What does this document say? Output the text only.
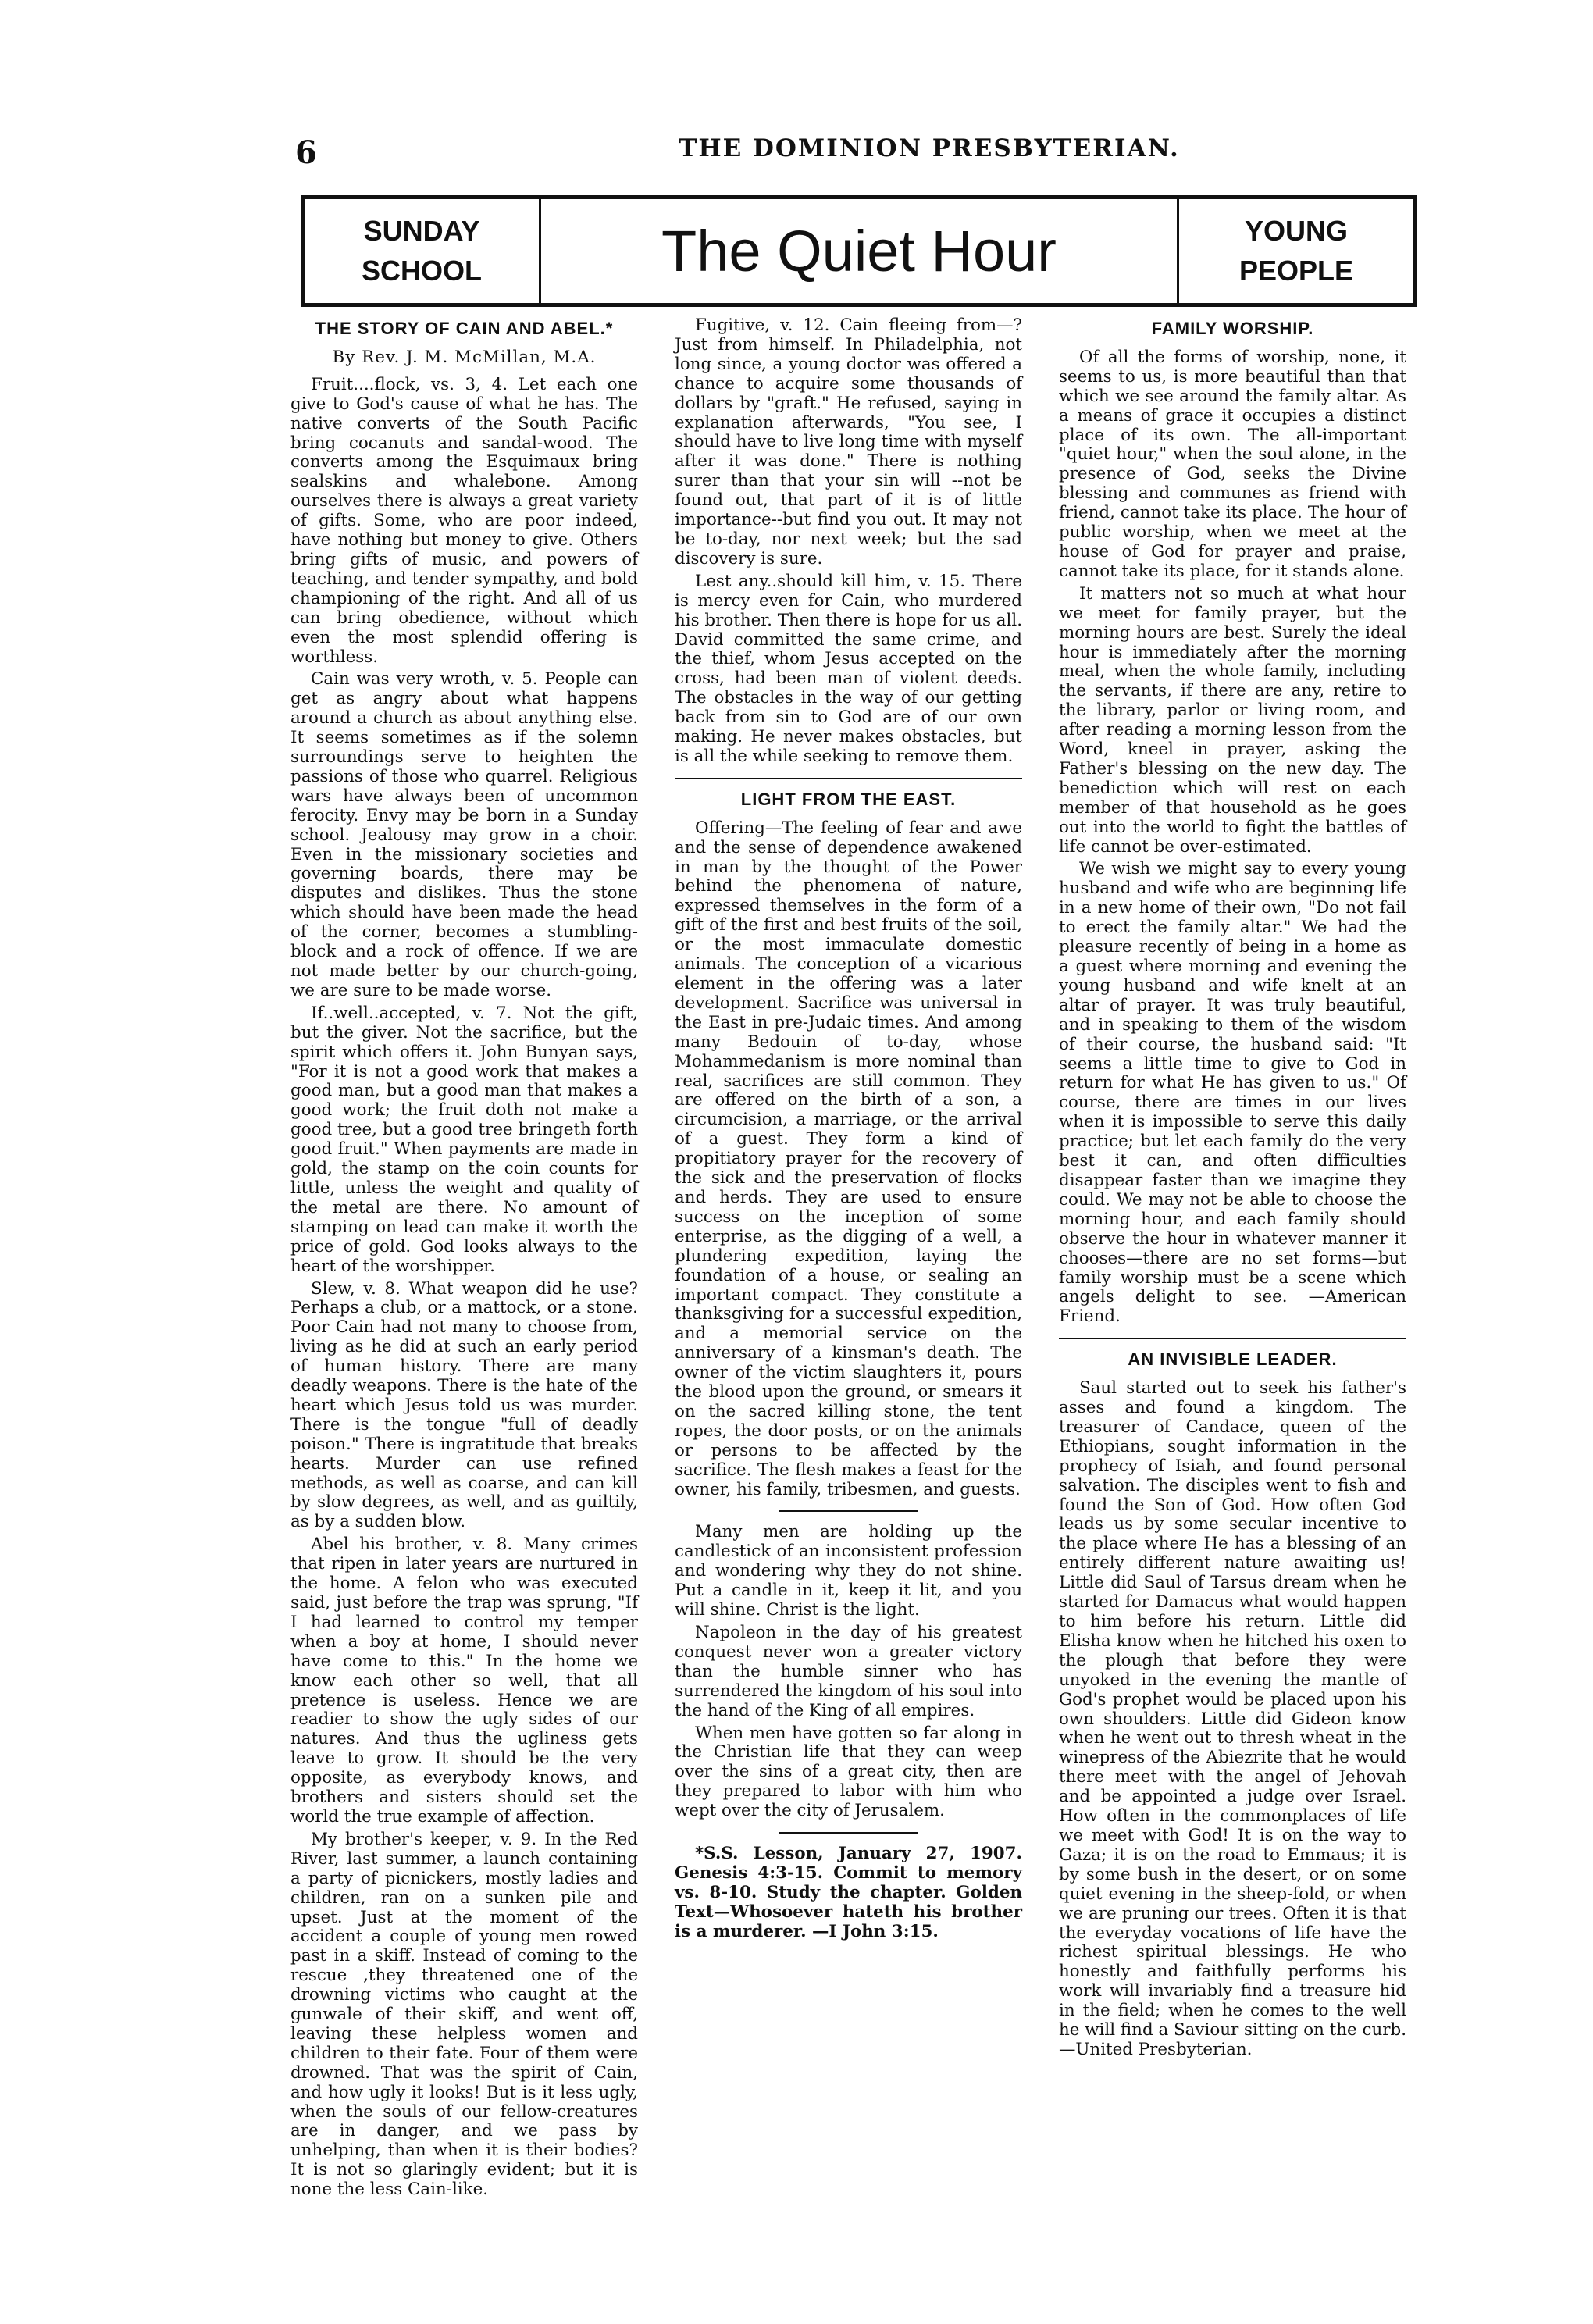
6	THE DOMINION PRESBYTERIAN.
SUNDAY
SCHOOL	The Quiet Hour	YOUNG
PEOPLE
THE STORY OF CAIN AND ABEL.*
By Rev. J. M. McMillan, M.A.

Fruit....flock, vs. 3, 4. Let each one give to God's cause of what he has. The native converts of the South Pacific bring cocanuts and sandal-wood. The converts among the Esquimaux bring sealskins and whalebone. Among ourselves there is always a great variety of gifts. Some, who are poor indeed, have nothing but money to give. Others bring gifts of music, and powers of teaching, and tender sympathy, and bold championing of the right. And all of us can bring obedience, without which even the most splendid offering is worthless.

Cain was very wroth, v. 5. People can get as angry about what happens around a church as about anything else. It seems sometimes as if the solemn surroundings serve to heighten the passions of those who quarrel. Religious wars have always been of uncommon ferocity. Envy may be born in a Sunday school. Jealousy may grow in a choir. Even in the missionary societies and governing boards, there may be disputes and dislikes. Thus the stone which should have been made the head of the corner, becomes a stumbling-block and a rock of offence. If we are not made better by our church-going, we are sure to be made worse.

If..well..accepted, v. 7. Not the gift, but the giver. Not the sacrifice, but the spirit which offers it. John Bunyan says, "For it is not a good work that makes a good man, but a good man that makes a good work; the fruit doth not make a good tree, but a good tree bringeth forth good fruit." When payments are made in gold, the stamp on the coin counts for little, unless the weight and quality of the metal are there. No amount of stamping on lead can make it worth the price of gold. God looks always to the heart of the worshipper.

Slew, v. 8. What weapon did he use? Perhaps a club, or a mattock, or a stone. Poor Cain had not many to choose from, living as he did at such an early period of human history. There are many deadly weapons. There is the hate of the heart which Jesus told us was murder. There is the tongue "full of deadly poison." There is ingratitude that breaks hearts. Murder can use refined methods, as well as coarse, and can kill by slow degrees, as well, and as guiltily, as by a sudden blow.

Abel his brother, v. 8. Many crimes that ripen in later years are nurtured in the home. A felon who was executed said, just before the trap was sprung, "If I had learned to control my temper when a boy at home, I should never have come to this." In the home we know each other so well, that all pretence is useless. Hence we are readier to show the ugly sides of our natures. And thus the ugliness gets leave to grow. It should be the very opposite, as everybody knows, and brothers and sisters should set the world the true example of affection.

My brother's keeper, v. 9. In the Red River, last summer, a launch containing a party of picnickers, mostly ladies and children, ran on a sunken pile and upset. Just at the moment of the accident a couple of young men rowed past in a skiff. Instead of coming to the rescue ,they threatened one of the drowning victims who caught at the gunwale of their skiff, and went off, leaving these helpless women and children to their fate. Four of them were drowned. That was the spirit of Cain, and how ugly it looks! But is it less ugly, when the souls of our fellow-creatures are in danger, and we pass by unhelping, than when it is their bodies? It is not so glaringly evident; but it is none the less Cain-like.

Fugitive, v. 12. Cain fleeing from—? Just from himself. In Philadelphia, not long since, a young doctor was offered a chance to acquire some thousands of dollars by "graft." He refused, saying in explanation afterwards, "You see, I should have to live long time with myself after it was done." There is nothing surer than that your sin will --not be found out, that part of it is of little importance--but find you out. It may not be to-day, nor next week; but the sad discovery is sure.

Lest any..should kill him, v. 15. There is mercy even for Cain, who murdered his brother. Then there is hope for us all. David committed the same crime, and the thief, whom Jesus accepted on the cross, had been man of violent deeds. The obstacles in the way of our getting back from sin to God are of our own making. He never makes obstacles, but is all the while seeking to remove them.

LIGHT FROM THE EAST.

Offering—The feeling of fear and awe and the sense of dependence awakened in man by the thought of the Power behind the phenomena of nature, expressed themselves in the form of a gift of the first and best fruits of the soil, or the most immaculate domestic animals. The conception of a vicarious element in the offering was a later development. Sacrifice was universal in the East in pre-Judaic times. And among many Bedouin of to-day, whose Mohammedanism is more nominal than real, sacrifices are still common. They are offered on the birth of a son, a circumcision, a marriage, or the arrival of a guest. They form a kind of propitiatory prayer for the recovery of the sick and the preservation of flocks and herds. They are used to ensure success on the inception of some enterprise, as the digging of a well, a plundering expedition, laying the foundation of a house, or sealing an important compact. They constitute a thanksgiving for a successful expedition, and a memorial service on the anniversary of a kinsman's death. The owner of the victim slaughters it, pours the blood upon the ground, or smears it on the sacred killing stone, the tent ropes, the door posts, or on the animals or persons to be affected by the sacrifice. The flesh makes a feast for the owner, his family, tribesmen, and guests.

Many men are holding up the candlestick of an inconsistent profession and wondering why they do not shine. Put a candle in it, keep it lit, and you will shine. Christ is the light.

Napoleon in the day of his greatest conquest never won a greater victory than the humble sinner who has surrendered the kingdom of his soul into the hand of the King of all empires.

When men have gotten so far along in the Christian life that they can weep over the sins of a great city, then are they prepared to labor with him who wept over the city of Jerusalem.

*S.S. Lesson, January 27, 1907. Genesis 4:3-15. Commit to memory vs. 8-10. Study the chapter. Golden Text—Whosoever hateth his brother is a murderer. —I John 3:15.

FAMILY WORSHIP.

Of all the forms of worship, none, it seems to us, is more beautiful than that which we see around the family altar. As a means of grace it occupies a distinct place of its own. The all-important "quiet hour," when the soul alone, in the presence of God, seeks the Divine blessing and communes as friend with friend, cannot take its place. The hour of public worship, when we meet at the house of God for prayer and praise, cannot take its place, for it stands alone.

It matters not so much at what hour we meet for family prayer, but the morning hours are best. Surely the ideal hour is immediately after the morning meal, when the whole family, including the servants, if there are any, retire to the library, parlor or living room, and after reading a morning lesson from the Word, kneel in prayer, asking the Father's blessing on the new day. The benediction which will rest on each member of that household as he goes out into the world to fight the battles of life cannot be over-estimated.

We wish we might say to every young husband and wife who are beginning life in a new home of their own, "Do not fail to erect the family altar." We had the pleasure recently of being in a home as a guest where morning and evening the young husband and wife knelt at an altar of prayer. It was truly beautiful, and in speaking to them of the wisdom of their course, the husband said: "It seems a little time to give to God in return for what He has given to us." Of course, there are times in our lives when it is impossible to serve this daily practice; but let each family do the very best it can, and often difficulties disappear faster than we imagine they could. We may not be able to choose the morning hour, and each family should observe the hour in whatever manner it chooses—there are no set forms—but family worship must be a scene which angels delight to see. —American Friend.

AN INVISIBLE LEADER.

Saul started out to seek his father's asses and found a kingdom. The treasurer of Candace, queen of the Ethiopians, sought information in the prophecy of Isiah, and found personal salvation. The disciples went to fish and found the Son of God. How often God leads us by some secular incentive to the place where He has a blessing of an entirely different nature awaiting us! Little did Saul of Tarsus dream when he started for Damacus what would happen to him before his return. Little did Elisha know when he hitched his oxen to the plough that before they were unyoked in the evening the mantle of God's prophet would be placed upon his own shoulders. Little did Gideon know when he went out to thresh wheat in the winepress of the Abiezrite that he would there meet with the angel of Jehovah and be appointed a judge over Israel. How often in the commonplaces of life we meet with God! It is on the way to Gaza; it is on the road to Emmaus; it is by some bush in the desert, or on some quiet evening in the sheep-fold, or when we are pruning our trees. Often it is that the everyday vocations of life have the richest spiritual blessings. He who honestly and faithfully performs his work will invariably find a treasure hid in the field; when he comes to the well he will find a Saviour sitting on the curb.—United Presbyterian.
